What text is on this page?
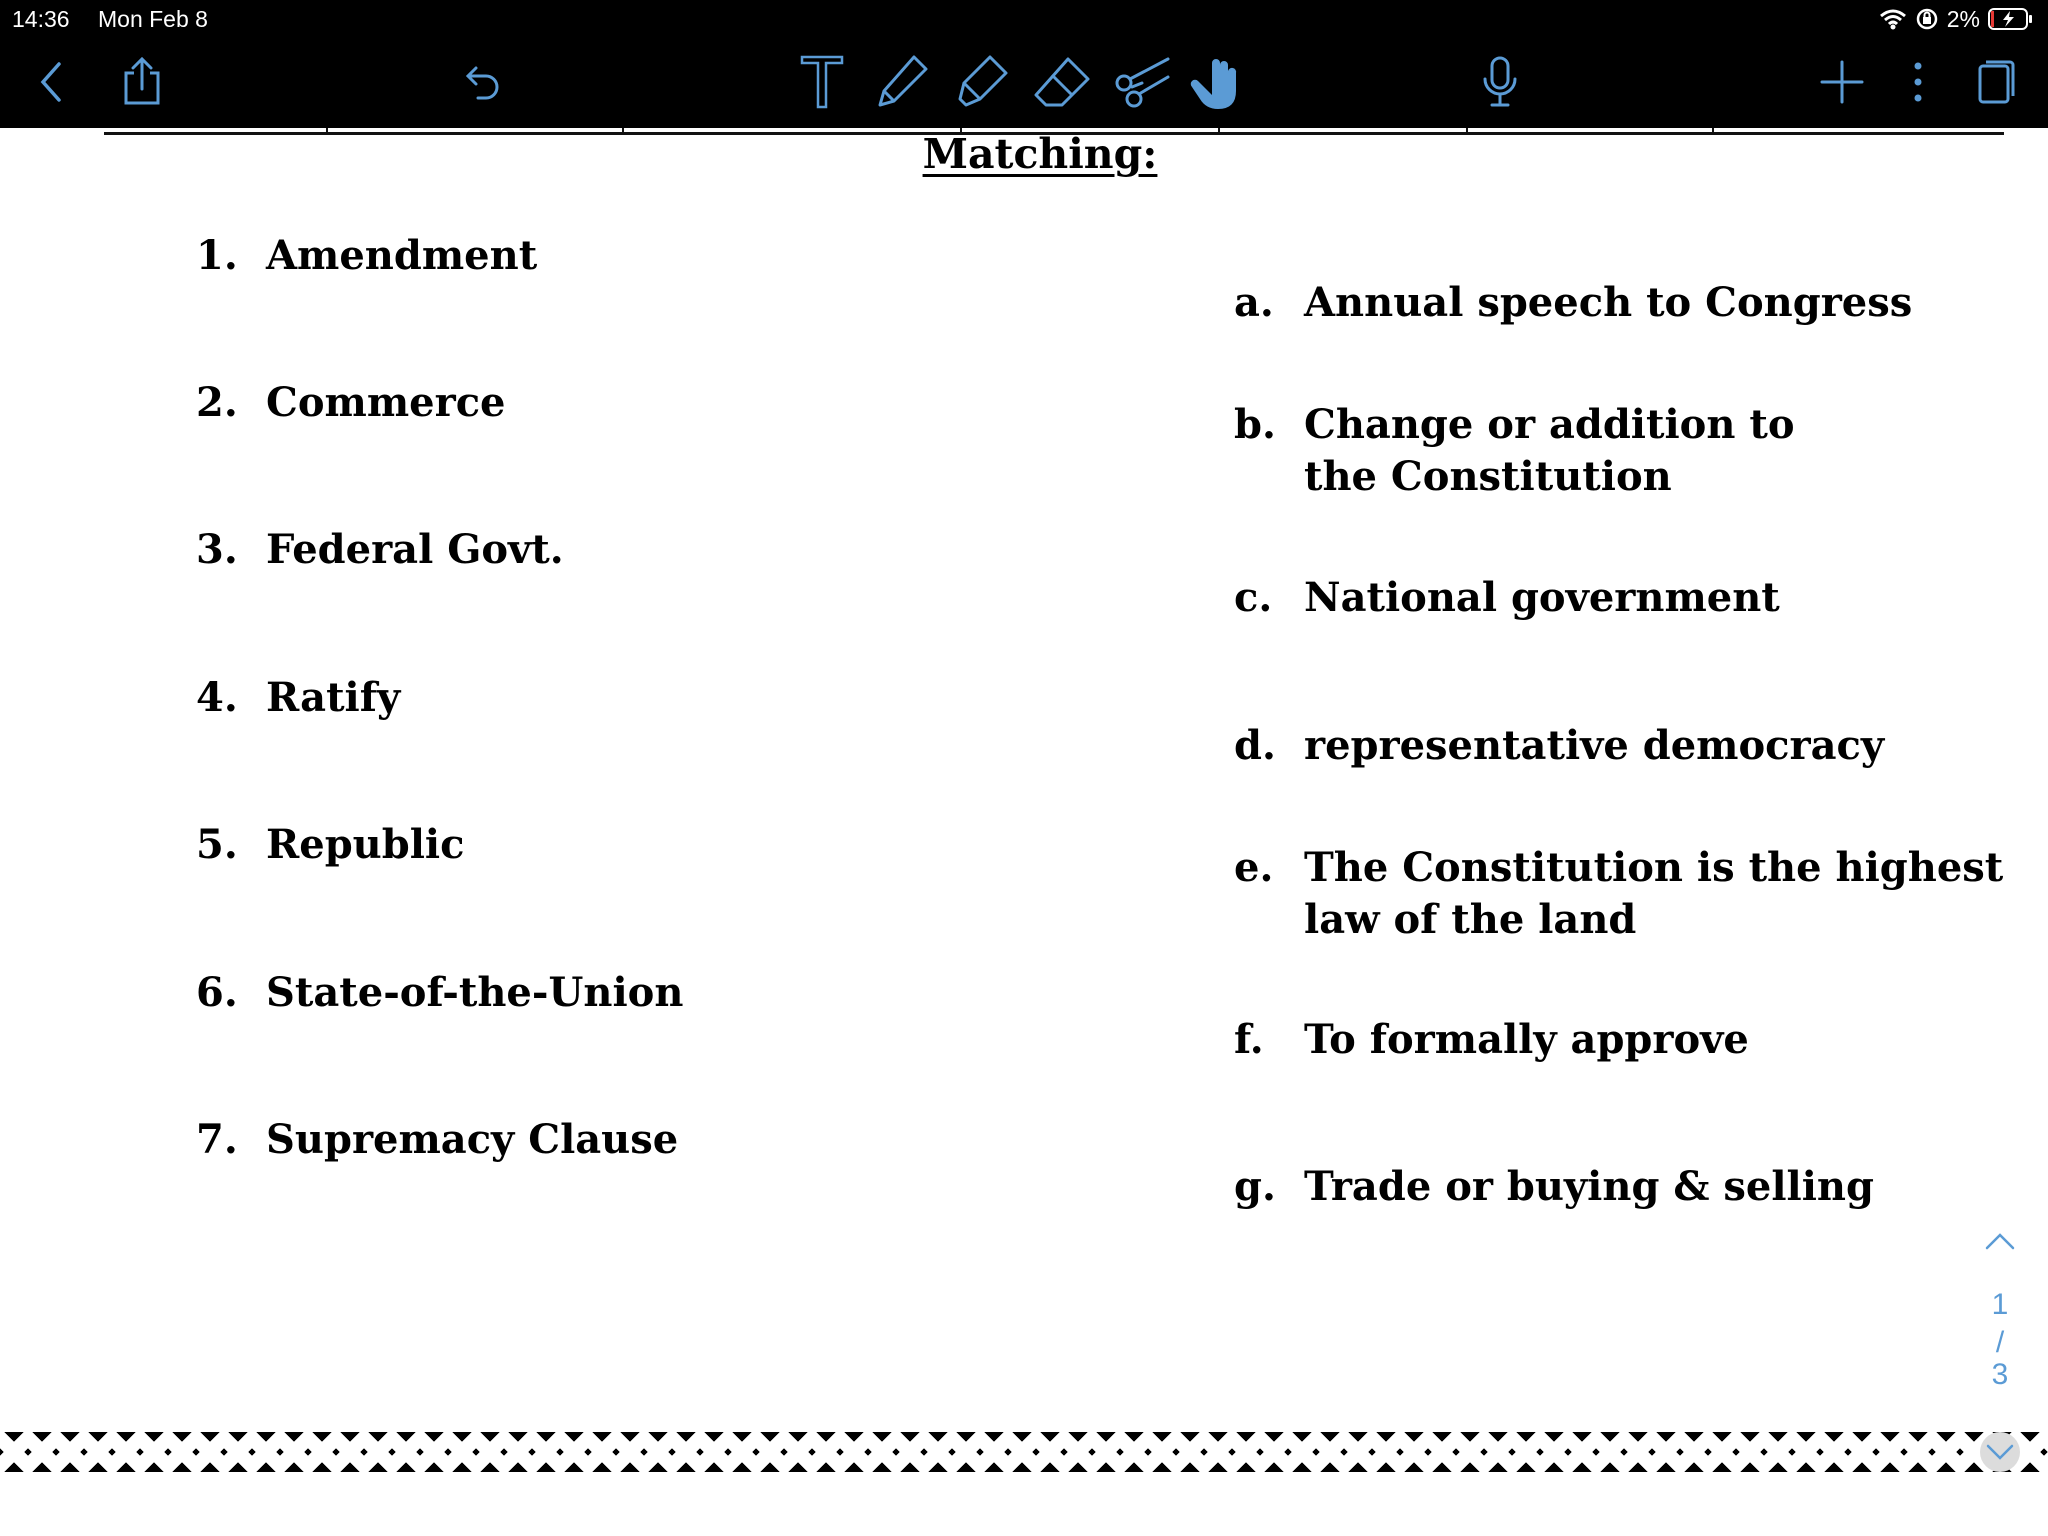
14:36 Mon Feb 8	2%
Matching:
1. Amendment
2. Commerce
3. Federal Govt.
4. Ratify
5. Republic
6. State-of-the-Union
7. Supremacy Clause
a. Annual speech to Congress
b. Change or addition to the Constitution
c. National government
d. representative democracy
e. The Constitution is the highest law of the land
f. To formally approve
g. Trade or buying & selling
1
/
3
